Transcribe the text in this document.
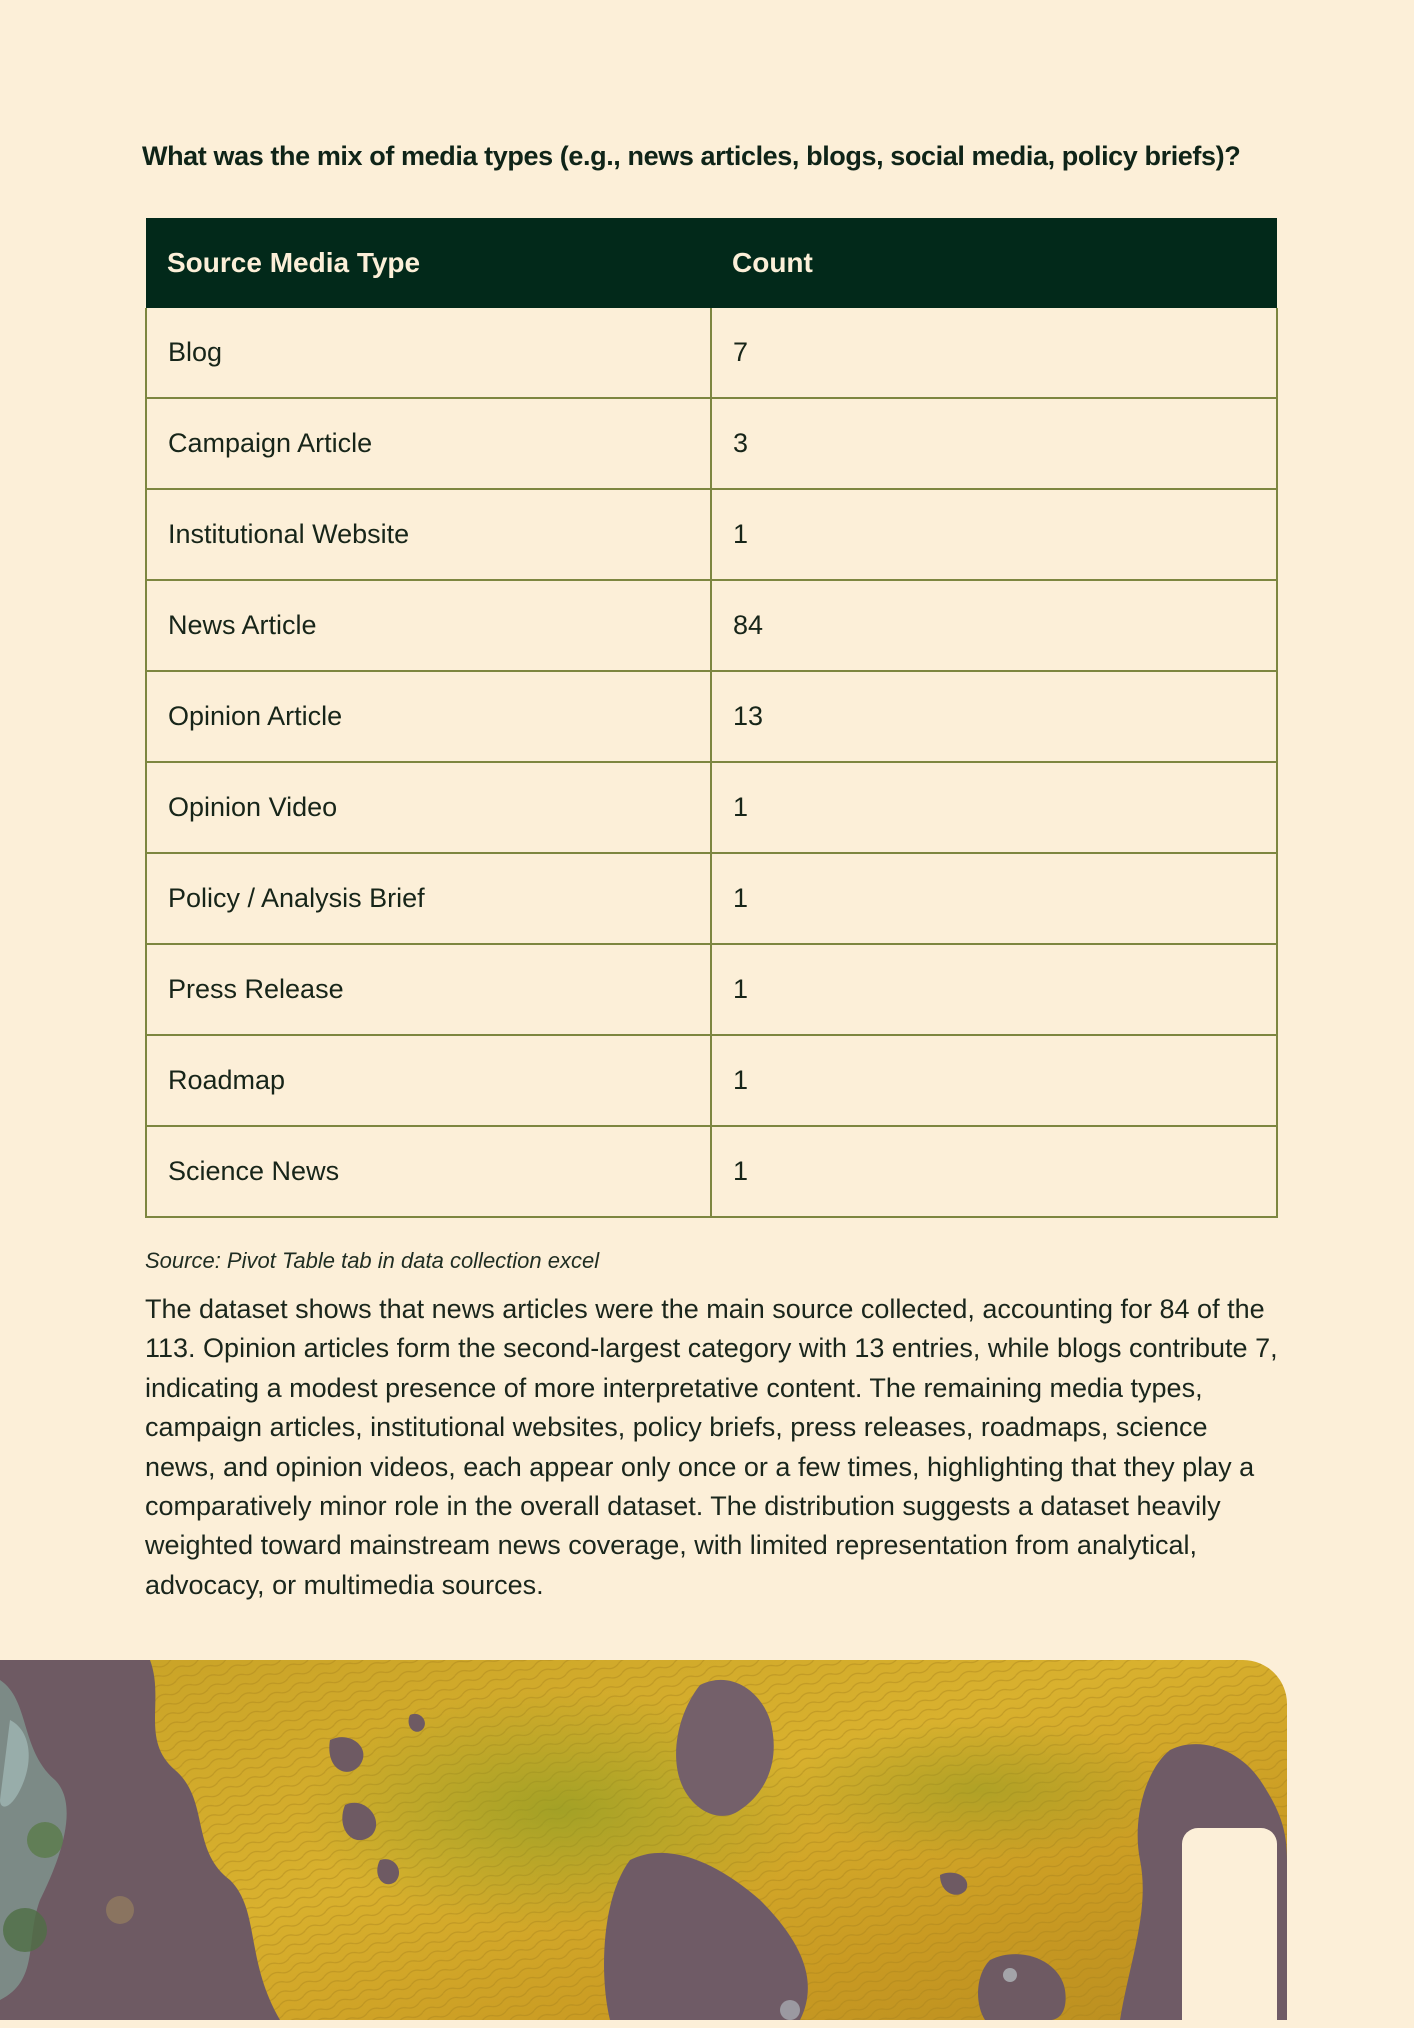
What was the mix of media types (e.g., news articles, blogs, social media, policy briefs)?
Source Media Type	Count
Blog	7
Campaign Article	3
Institutional Website	1
News Article	84
Opinion Article	13
Opinion Video	1
Policy / Analysis Brief	1
Press Release	1
Roadmap	1
Science News	1

Source: Pivot Table tab in data collection excel

The dataset shows that news articles were the main source collected, accounting for 84 of the 113. Opinion articles form the second-largest category with 13 entries, while blogs contribute 7, indicating a modest presence of more interpretative content. The remaining media types, campaign articles, institutional websites, policy briefs, press releases, roadmaps, science news, and opinion videos, each appear only once or a few times, highlighting that they play a comparatively minor role in the overall dataset. The distribution suggests a dataset heavily weighted toward mainstream news coverage, with limited representation from analytical, advocacy, or multimedia sources.
